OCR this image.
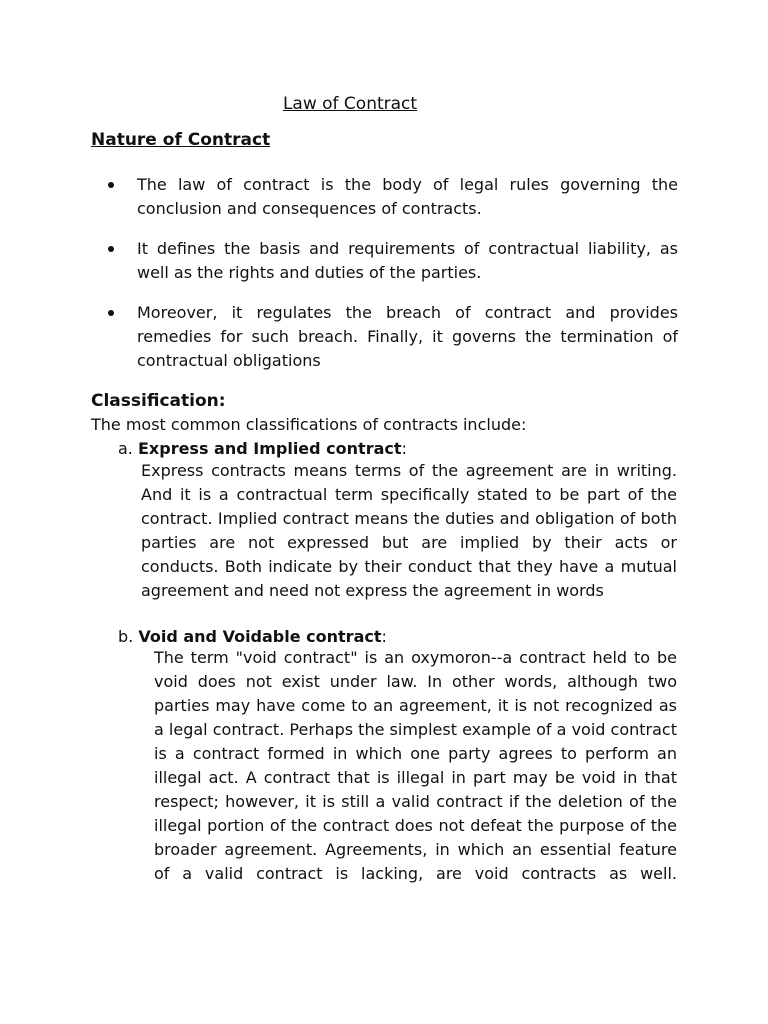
Law of Contract
Nature of Contract
The law of contract is the body of legal rules governing the conclusion and consequences of contracts.
It defines the basis and requirements of contractual liability, as well as the rights and duties of the parties.
Moreover, it regulates the breach of contract and provides remedies for such breach. Finally, it governs the termination of contractual obligations
Classification:
The most common classifications of contracts include:
a. Express and Implied contract:
Express contracts means terms of the agreement are in writing. And it is a contractual term specifically stated to be part of the contract. Implied contract means the duties and obligation of both parties are not expressed but are implied by their acts or conducts. Both indicate by their conduct that they have a mutual agreement and need not express the agreement in words
b. Void and Voidable contract:
The term "void contract" is an oxymoron--a contract held to be void does not exist under law. In other words, although two parties may have come to an agreement, it is not recognized as a legal contract. Perhaps the simplest example of a void contract is a contract formed in which one party agrees to perform an illegal act. A contract that is illegal in part may be void in that respect; however, it is still a valid contract if the deletion of the illegal portion of the contract does not defeat the purpose of the broader agreement. Agreements, in which an essential feature of a valid contract is lacking, are void contracts as well.
